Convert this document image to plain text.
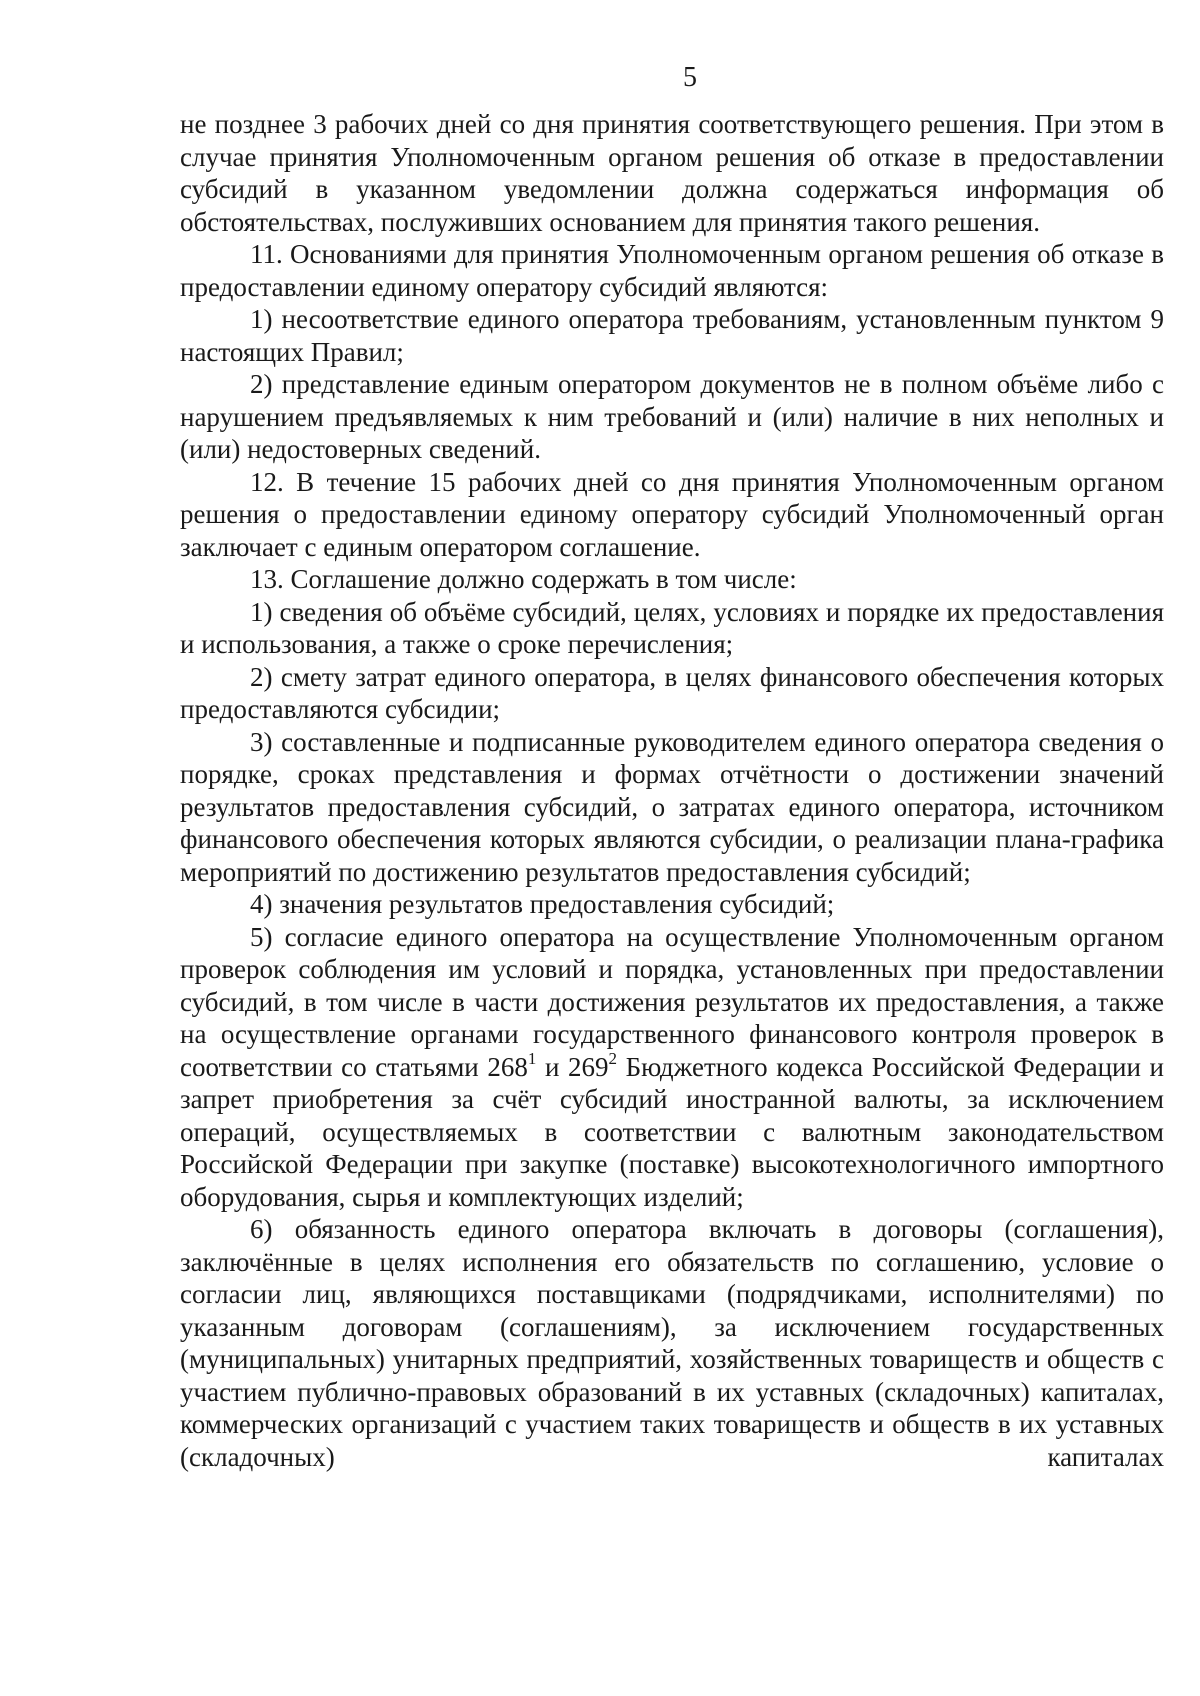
5

не позднее 3 рабочих дней со дня принятия соответствующего решения. При этом в случае принятия Уполномоченным органом решения об отказе в предоставлении субсидий в указанном уведомлении должна содержаться информация об обстоятельствах, послуживших основанием для принятия такого решения.

11. Основаниями для принятия Уполномоченным органом решения об отказе в предоставлении единому оператору субсидий являются:

1) несоответствие единого оператора требованиям, установленным пунктом 9 настоящих Правил;

2) представление единым оператором документов не в полном объёме либо с нарушением предъявляемых к ним требований и (или) наличие в них неполных и (или) недостоверных сведений.

12. В течение 15 рабочих дней со дня принятия Уполномоченным органом решения о предоставлении единому оператору субсидий Уполномоченный орган заключает с единым оператором соглашение.

13. Соглашение должно содержать в том числе:

1) сведения об объёме субсидий, целях, условиях и порядке их предоставления и использования, а также о сроке перечисления;

2) смету затрат единого оператора, в целях финансового обеспечения которых предоставляются субсидии;

3) составленные и подписанные руководителем единого оператора сведения о порядке, сроках представления и формах отчётности о достижении значений результатов предоставления субсидий, о затратах единого оператора, источником финансового обеспечения которых являются субсидии, о реализации плана-графика мероприятий по достижению результатов предоставления субсидий;

4) значения результатов предоставления субсидий;

5) согласие единого оператора на осуществление Уполномоченным органом проверок соблюдения им условий и порядка, установленных при предоставлении субсидий, в том числе в части достижения результатов их предоставления, а также на осуществление органами государственного финансового контроля проверок в соответствии со статьями $268^1$ и $269^2$ Бюджетного кодекса Российской Федерации и запрет приобретения за счёт субсидий иностранной валюты, за исключением операций, осуществляемых в соответствии с валютным законодательством Российской Федерации при закупке (поставке) высокотехнологичного импортного оборудования, сырья и комплектующих изделий;

6) обязанность единого оператора включать в договоры (соглашения), заключённые в целях исполнения его обязательств по соглашению, условие о согласии лиц, являющихся поставщиками (подрядчиками, исполнителями) по указанным договорам (соглашениям), за исключением государственных (муниципальных) унитарных предприятий, хозяйственных товариществ и обществ с участием публично-правовых образований в их уставных (складочных) капиталах, коммерческих организаций с участием таких товариществ и обществ в их уставных (складочных) капиталах
